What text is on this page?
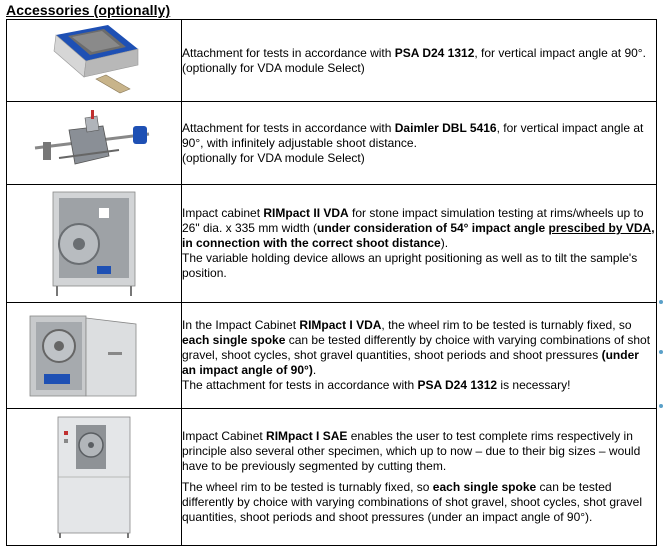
Accessories (optionally)

Attachment for tests in accordance with PSA D24 1312, for vertical impact angle at 90°.
(optionally for VDA module Select)

Attachment for tests in accordance with Daimler DBL 5416, for vertical impact angle at 90°, with infinitely adjustable shoot distance.
(optionally for VDA module Select)

Impact cabinet RIMpact II VDA for stone impact simulation testing at rims/wheels up to 26" dia. x 335 mm width (under consideration of 54° impact angle prescibed by VDA, in connection with the correct shoot distance).
The variable holding device allows an upright positioning as well as to tilt the sample's position.

In the Impact Cabinet RIMpact I VDA, the wheel rim to be tested is turnably fixed, so each single spoke can be tested differently by choice with varying combinations of shot gravel, shoot cycles, shot gravel quantities, shoot periods and shoot pressures (under an impact angle of 90°).
The attachment for tests in accordance with PSA D24 1312 is necessary!

Impact Cabinet RIMpact I SAE enables the user to test complete rims respectively in principle also several other specimen, which up to now – due to their big sizes – would have to be previously segmented by cutting them.

The wheel rim to be tested is turnably fixed, so each single spoke can be tested differently by choice with varying combinations of shot gravel, shoot cycles, shot gravel quantities, shoot periods and shoot pressures (under an impact angle of 90°).
